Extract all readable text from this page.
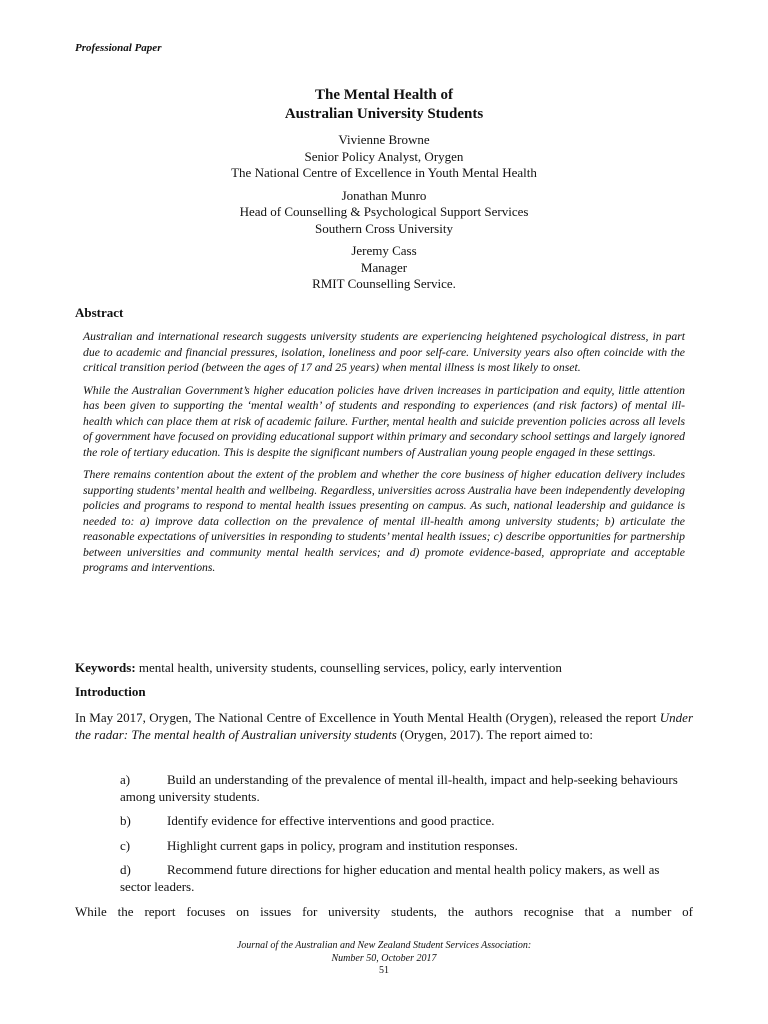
Professional Paper
The Mental Health of
Australian University Students
Vivienne Browne
Senior Policy Analyst, Orygen
The National Centre of Excellence in Youth Mental Health
Jonathan Munro
Head of Counselling & Psychological Support Services
Southern Cross University
Jeremy Cass
Manager
RMIT Counselling Service.
Abstract

Australian and international research suggests university students are experiencing heightened psychological distress, in part due to academic and financial pressures, isolation, loneliness and poor self-care. University years also often coincide with the critical transition period (between the ages of 17 and 25 years) when mental illness is most likely to onset.

While the Australian Government’s higher education policies have driven increases in participation and equity, little attention has been given to supporting the ‘mental wealth’ of students and responding to experiences (and risk factors) of mental ill-health which can place them at risk of academic failure. Further, mental health and suicide prevention policies across all levels of government have focused on providing educational support within primary and secondary school settings and largely ignored the role of tertiary education. This is despite the significant numbers of Australian young people engaged in these settings.

There remains contention about the extent of the problem and whether the core business of higher education delivery includes supporting students’ mental health and wellbeing. Regardless, universities across Australia have been independently developing policies and programs to respond to mental health issues presenting on campus. As such, national leadership and guidance is needed to: a) improve data collection on the prevalence of mental ill-health among university students; b) articulate the reasonable expectations of universities in responding to students’ mental health issues; c) describe opportunities for partnership between universities and community mental health services; and d) promote evidence-based, appropriate and acceptable programs and interventions.

Keywords: mental health, university students, counselling services, policy, early intervention
Introduction

In May 2017, Orygen, The National Centre of Excellence in Youth Mental Health (Orygen), released the report Under the radar: The mental health of Australian university students (Orygen, 2017). The report aimed to:

a)	Build an understanding of the prevalence of mental ill-health, impact and help-seeking behaviours among university students.
b)	Identify evidence for effective interventions and good practice.
c)	Highlight current gaps in policy, program and institution responses.
d)	Recommend future directions for higher education and mental health policy makers, as well as sector leaders.

While the report focuses on issues for university students, the authors recognise that a number of

Journal of the Australian and New Zealand Student Services Association:
Number 50, October 2017
51
